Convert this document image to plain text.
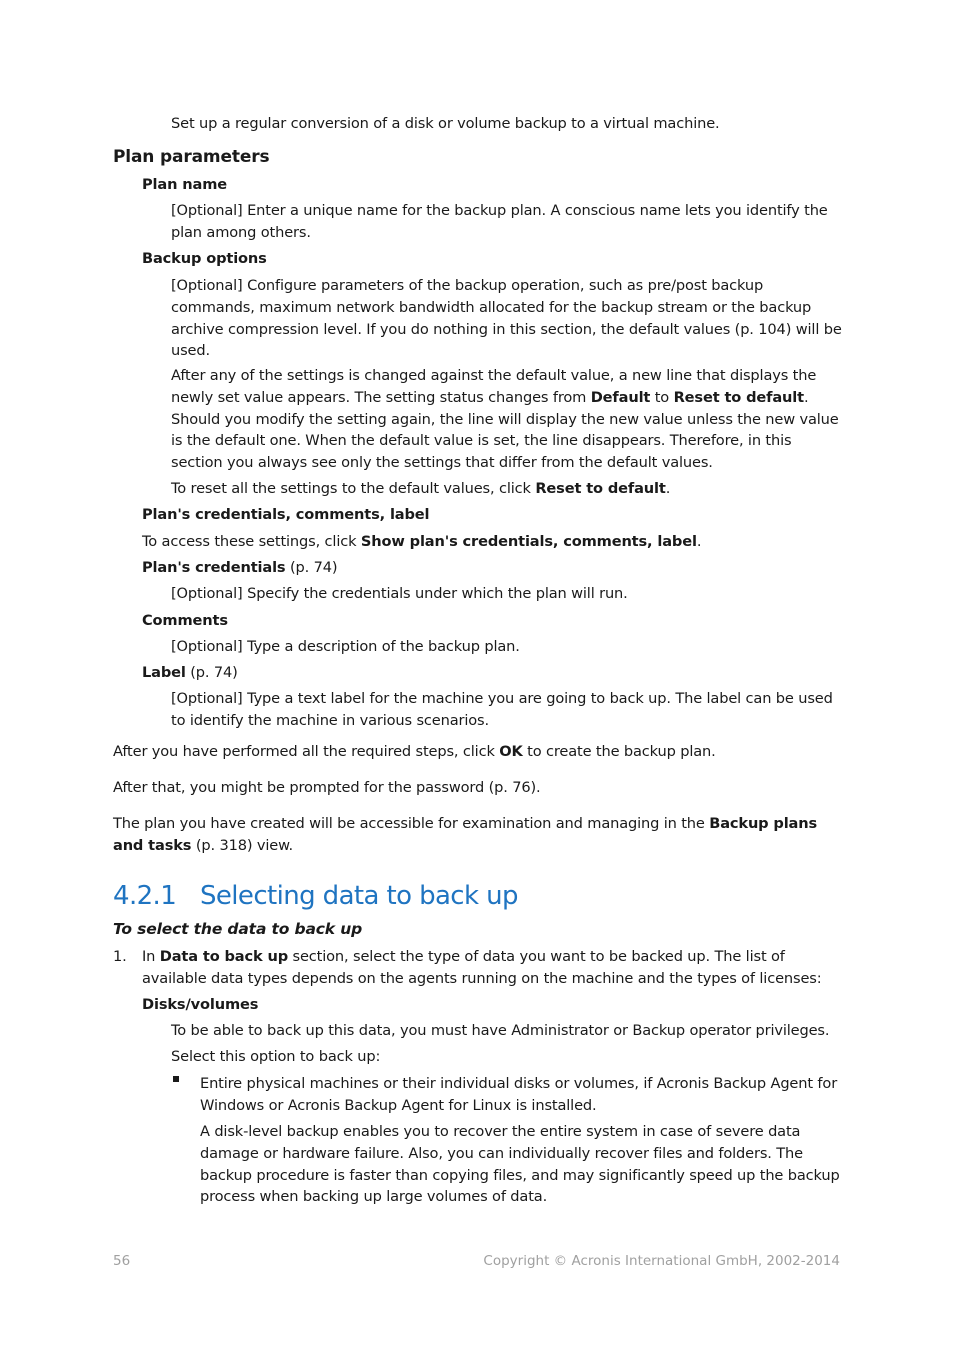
Set up a regular conversion of a disk or volume backup to a virtual machine.

Plan parameters
Plan name

[Optional] Enter a unique name for the backup plan. A conscious name lets you identify the plan among others.

Backup options

[Optional] Configure parameters of the backup operation, such as pre/post backup commands, maximum network bandwidth allocated for the backup stream or the backup archive compression level. If you do nothing in this section, the default values (p. 104) will be used.

After any of the settings is changed against the default value, a new line that displays the newly set value appears. The setting status changes from Default to Reset to default. Should you modify the setting again, the line will display the new value unless the new value is the default one. When the default value is set, the line disappears. Therefore, in this section you always see only the settings that differ from the default values.

To reset all the settings to the default values, click Reset to default.

Plan's credentials, comments, label

To access these settings, click Show plan's credentials, comments, label.

Plan's credentials (p. 74)

[Optional] Specify the credentials under which the plan will run.

Comments

[Optional] Type a description of the backup plan.

Label (p. 74)

[Optional] Type a text label for the machine you are going to back up. The label can be used to identify the machine in various scenarios.

After you have performed all the required steps, click OK to create the backup plan.

After that, you might be prompted for the password (p. 76).

The plan you have created will be accessible for examination and managing in the Backup plans and tasks (p. 318) view.

4.2.1 Selecting data to back up
To select the data to back up
1. In Data to back up section, select the type of data you want to be backed up. The list of available data types depends on the agents running on the machine and the types of licenses:

Disks/volumes

To be able to back up this data, you must have Administrator or Backup operator privileges.

Select this option to back up:

Entire physical machines or their individual disks or volumes, if Acronis Backup Agent for Windows or Acronis Backup Agent for Linux is installed.

A disk-level backup enables you to recover the entire system in case of severe data damage or hardware failure. Also, you can individually recover files and folders. The backup procedure is faster than copying files, and may significantly speed up the backup process when backing up large volumes of data.

56	Copyright © Acronis International GmbH, 2002-2014
